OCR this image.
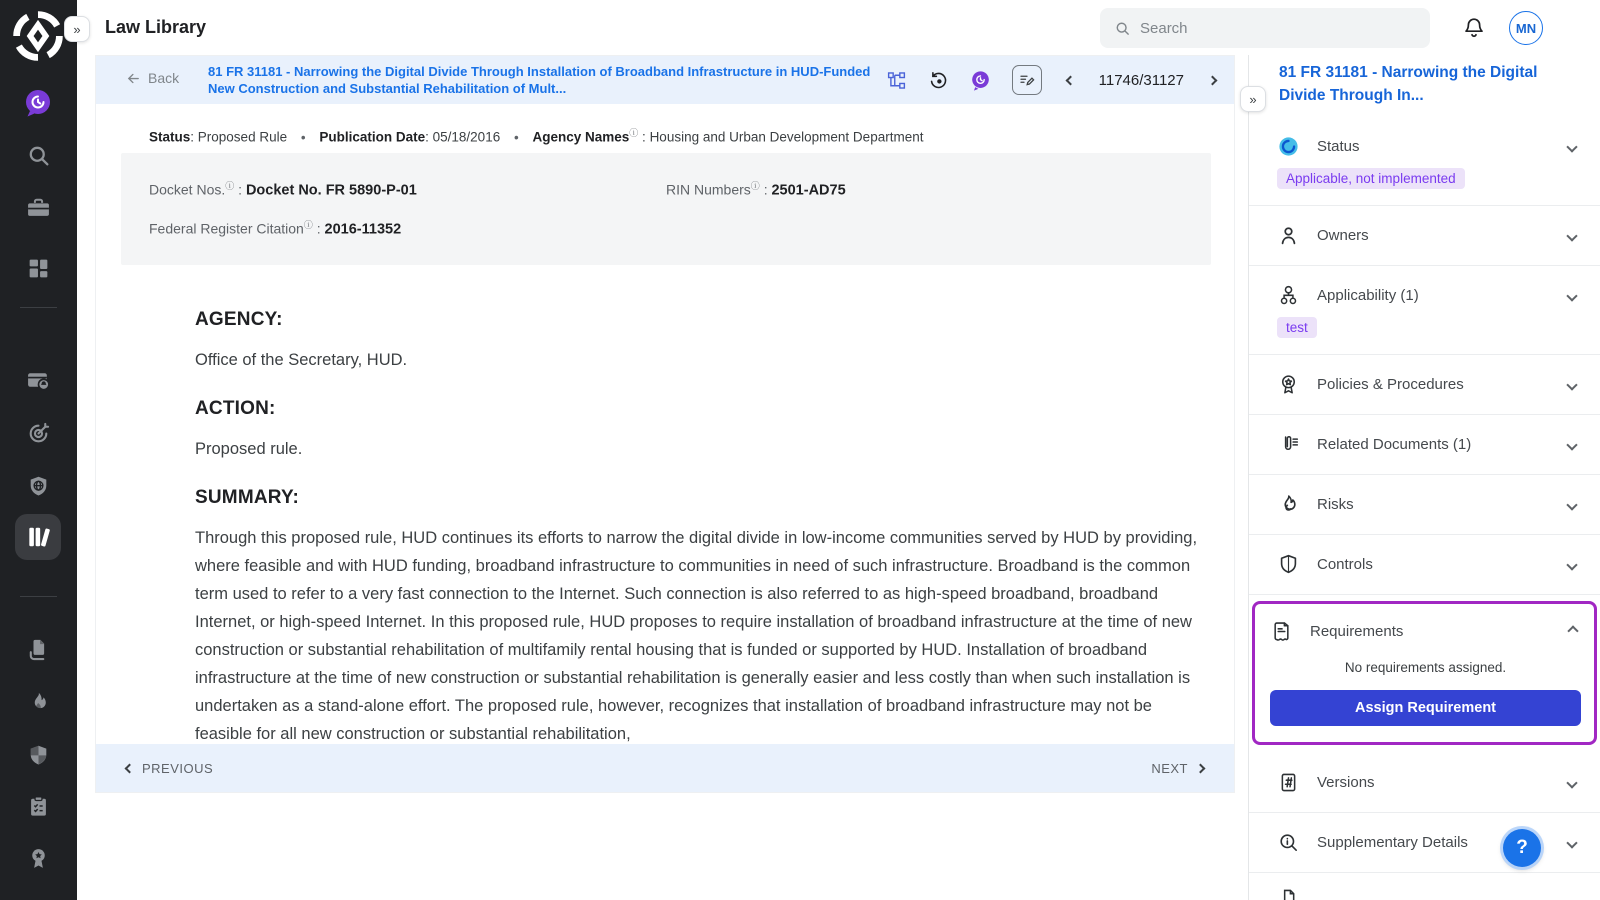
» Law Library
Search	MN
Back 81 FR 31181 - Narrowing the Digital Divide Through Installation of Broadband Infrastructure in HUD-Funded New Construction and Substantial Rehabilitation of Mult...	11746/31127
Status: Proposed Rule • Publication Date: 05/18/2016 • Agency Namesⓘ : Housing and Urban Development Department
Docket Nos.ⓘ : Docket No. FR 5890-P-01	RIN Numbersⓘ : 2501-AD75
Federal Register Citationⓘ : 2016-11352
AGENCY:
Office of the Secretary, HUD.
ACTION:
Proposed rule.
SUMMARY:
Through this proposed rule, HUD continues its efforts to narrow the digital divide in low-income communities served by HUD by providing, where feasible and with HUD funding, broadband infrastructure to communities in need of such infrastructure. Broadband is the common term used to refer to a very fast connection to the Internet. Such connection is also referred to as high-speed broadband, broadband Internet, or high-speed Internet. In this proposed rule, HUD proposes to require installation of broadband infrastructure at the time of new construction or substantial rehabilitation of multifamily rental housing that is funded or supported by HUD. Installation of broadband infrastructure at the time of new construction or substantial rehabilitation is generally easier and less costly than when such installation is undertaken as a stand-alone effort. The proposed rule, however, recognizes that installation of broadband infrastructure may not be feasible for all new construction or substantial rehabilitation,
PREVIOUS	NEXT
81 FR 31181 - Narrowing the Digital Divide Through In...
Status
Applicable, not implemented
Owners
Applicability (1)
test
Policies & Procedures
Related Documents (1)
Risks
Controls
Requirements
No requirements assigned.
Assign Requirement
Versions
Supplementary Details
»
?
